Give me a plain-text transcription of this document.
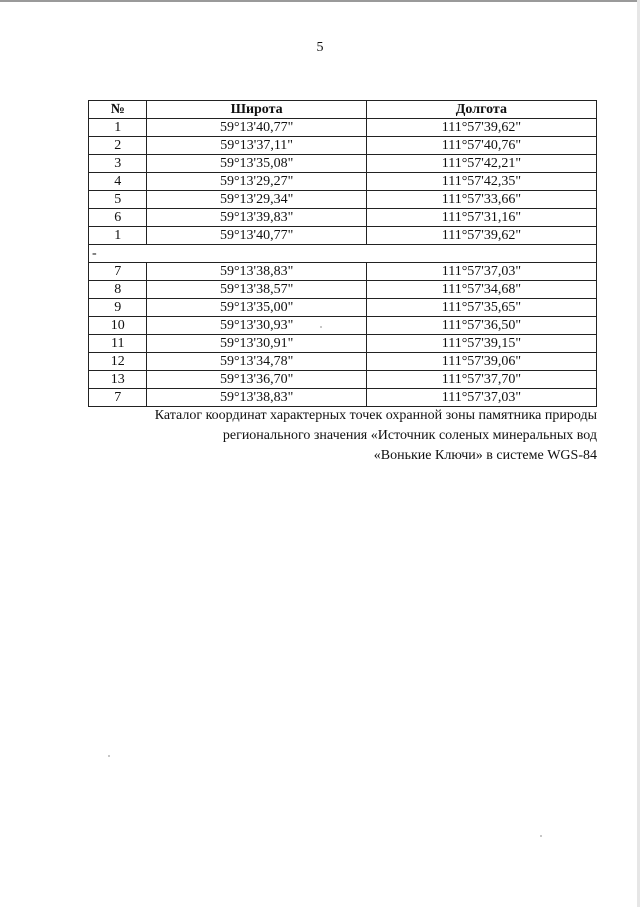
5
№	Широта	Долгота
1	59°13'40,77"	111°57'39,62"
2	59°13'37,11"	111°57'40,76"
3	59°13'35,08"	111°57'42,21"
4	59°13'29,27"	111°57'42,35"
5	59°13'29,34"	111°57'33,66"
6	59°13'39,83"	111°57'31,16"
1	59°13'40,77"	111°57'39,62"
-		
7	59°13'38,83"	111°57'37,03"
8	59°13'38,57"	111°57'34,68"
9	59°13'35,00"	111°57'35,65"
10	59°13'30,93"	111°57'36,50"
11	59°13'30,91"	111°57'39,15"
12	59°13'34,78"	111°57'39,06"
13	59°13'36,70"	111°57'37,70"
7	59°13'38,83"	111°57'37,03"
Каталог координат характерных точек охранной зоны памятника природы
регионального значения «Источник соленых минеральных вод
«Вонькие Ключи» в системе WGS-84
